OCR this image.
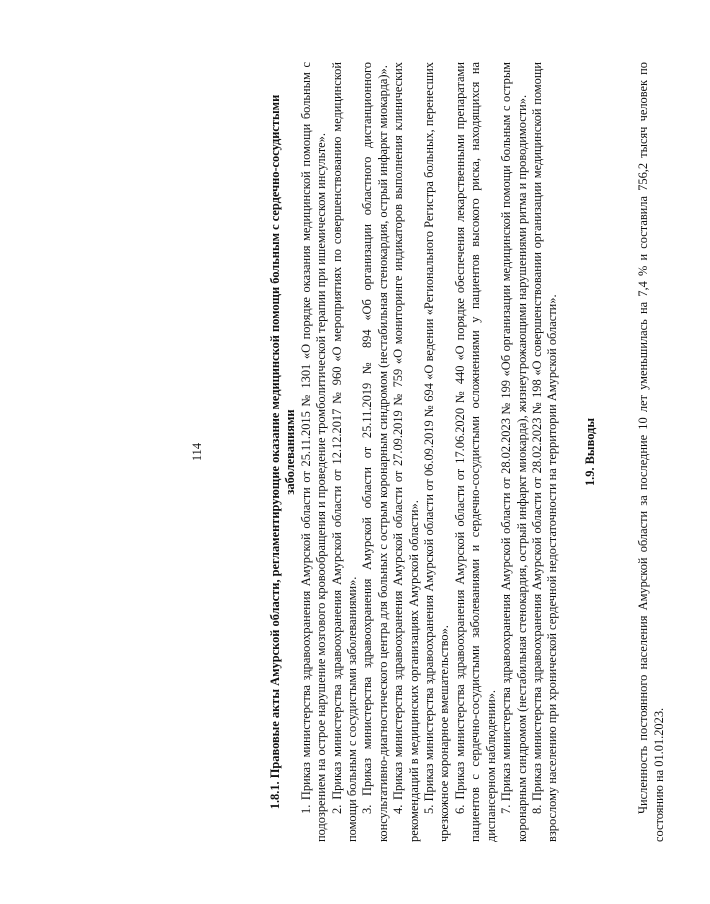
114	1.8.1. Правовые акты Амурской области, регламентирующие оказание медицинской помощи больным с сердечно-сосудистыми заболеваниями 1. Приказ министерства здравоохранения Амурской области от 25.11.2015 № 1301 «О порядке оказания медицинской помощи больным с подозрением на острое нарушение мозгового кровообращения и проведение тромболитической терапии при ишемическом инсульте». 2. Приказ министерства здравоохранения Амурской области от 12.12.2017 № 960 «О мероприятиях по совершенствованию медицинской помощи больным с сосудистыми заболеваниями». 3. Приказ министерства здравоохранения Амурской области от 25.11.2019 № 894 «Об организации областного дистанционного консультативно-диагностического центра для больных с острым коронарным синдромом (нестабильная стенокардия, острый инфаркт миокарда)». 4. Приказ министерства здравоохранения Амурской области от 27.09.2019 № 759 «О мониторинге индикаторов выполнения клинических рекомендаций в медицинских организациях Амурской области». 5. Приказ министерства здравоохранения Амурской области от 06.09.2019 № 694 «О ведении «Регионального Регистра больных, перенесших чрезкожное коронарное вмешательство». 6. Приказ министерства здравоохранения Амурской области от 17.06.2020 № 440 «О порядке обеспечения лекарственными препаратами пациентов с сердечно-сосудистыми заболеваниями и сердечно-сосудистыми осложнениями у пациентов высокого риска, находящихся на диспансерном наблюдении». 7. Приказ министерства здравоохранения Амурской области от 28.02.2023 № 199 «Об организации медицинской помощи больным с острым коронарным синдромом (нестабильная стенокардия, острый инфаркт миокарда), жизнеугрожающими нарушениями ритма и проводимости». 8. Приказ министерства здравоохранения Амурской области от 28.02.2023 № 198 «О совершенствовании организации медицинской помощи взрослому населению при хронической сердечной недостаточности на территории Амурской области». 1.9. Выводы	Численность постоянного населения Амурской области за последние 10 лет уменьшилась на 7,4 % и составила 756,2 тысяч человек по состоянию на 01.01.2023.
